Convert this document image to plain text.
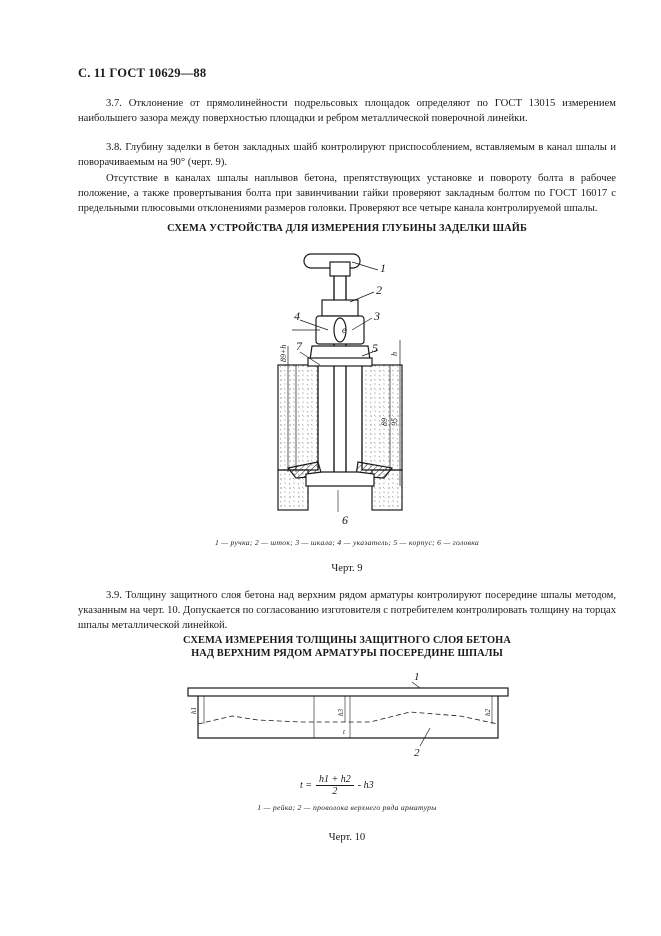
С. 11 ГОСТ 10629—88

3.7. Отклонение от прямолинейности подрельсовых площадок определяют по ГОСТ 13015 измерением наибольшего зазора между поверхностью площадки и ребром металлической поверочной линейки.

3.8. Глубину заделки в бетон закладных шайб контролируют приспособлением, вставляемым в канал шпалы и поворачиваемым на 90° (черт. 9).

Отсутствие в каналах шпалы наплывов бетона, препятствующих установке и повороту болта в рабочее положение, а также провертывания болта при завинчивании гайки проверяют закладным болтом по ГОСТ 16017 с предельными плюсовыми отклонениями размеров головки. Проверяют все четыре канала контролируемой шпалы.

СХЕМА УСТРОЙСТВА ДЛЯ ИЗМЕРЕНИЯ ГЛУБИНЫ ЗАДЕЛКИ ШАЙБ
1
2
3
4
5
6
7
e
89+h	h
89 95
1 — ручка; 2 — шток; 3 — шкала; 4 — указатель; 5 — корпус; 6 — головка
Черт. 9

3.9. Толщину защитного слоя бетона над верхним рядом арматуры контролируют посередине шпалы методом, указанным на черт. 10. Допускается по согласованию изготовителя с потребителем контролировать толщину на торцах шпалы металлической линейкой.

СХЕМА ИЗМЕРЕНИЯ ТОЛЩИНЫ ЗАЩИТНОГО СЛОЯ БЕТОНА
НАД ВЕРХНИМ РЯДОМ АРМАТУРЫ ПОСЕРЕДИНЕ ШПАЛЫ
1
2
h1	h3	h2
t
$t = \frac{h1 + h2}{2} - h3$
1 — рейка; 2 — проволока верхнего ряда арматуры
Черт. 10
